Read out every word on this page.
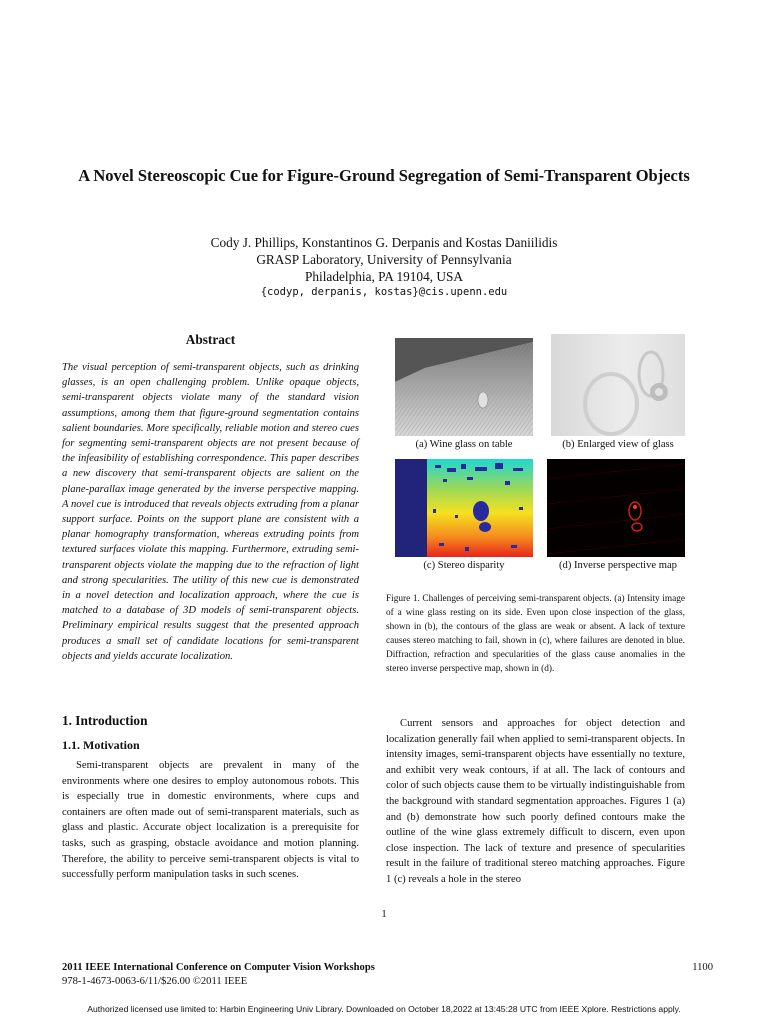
A Novel Stereoscopic Cue for Figure-Ground Segregation of Semi-Transparent Objects
Cody J. Phillips, Konstantinos G. Derpanis and Kostas Daniilidis
GRASP Laboratory, University of Pennsylvania
Philadelphia, PA 19104, USA
{codyp, derpanis, kostas}@cis.upenn.edu
Abstract
The visual perception of semi-transparent objects, such as drinking glasses, is an open challenging problem. Unlike opaque objects, semi-transparent objects violate many of the standard vision assumptions, among them that figure-ground segmentation contains salient boundaries. More specifically, reliable motion and stereo cues for segmenting semi-transparent objects are not present because of the infeasibility of establishing correspondence. This paper describes a new discovery that semi-transparent objects are salient on the plane-parallax image generated by the inverse perspective mapping. A novel cue is introduced that reveals objects extruding from a planar support surface. Points on the support plane are consistent with a planar homography transformation, whereas extruding points from textured surfaces violate this mapping. Furthermore, extruding semi-transparent objects violate the mapping due to the refraction of light and strong specularities. The utility of this new cue is demonstrated in a novel detection and localization approach, where the cue is matched to a database of 3D models of semi-transparent objects. Preliminary empirical results suggest that the presented approach produces a small set of candidate locations for semi-transparent objects and yields accurate localization.
(a) Wine glass on table	(b) Enlarged view of glass
(c) Stereo disparity	(d) Inverse perspective map
Figure 1. Challenges of perceiving semi-transparent objects. (a) Intensity image of a wine glass resting on its side. Even upon close inspection of the glass, shown in (b), the contours of the glass are weak or absent. A lack of texture causes stereo matching to fail, shown in (c), where failures are denoted in blue. Diffraction, refraction and specularities of the glass cause anomalies in the stereo inverse perspective map, shown in (d).
1. Introduction
1.1. Motivation
Semi-transparent objects are prevalent in many of the environments where one desires to employ autonomous robots. This is especially true in domestic environments, where cups and containers are often made out of semi-transparent materials, such as glass and plastic. Accurate object localization is a prerequisite for tasks, such as grasping, obstacle avoidance and motion planning. Therefore, the ability to perceive semi-transparent objects is vital to successfully perform manipulation tasks in such scenes.
Current sensors and approaches for object detection and localization generally fail when applied to semi-transparent objects. In intensity images, semi-transparent objects have essentially no texture, and exhibit very weak contours, if at all. The lack of contours and color of such objects cause them to be virtually indistinguishable from the background with standard segmentation approaches. Figures 1 (a) and (b) demonstrate how such poorly defined contours make the outline of the wine glass extremely difficult to discern, even upon close inspection. The lack of texture and presence of specularities result in the failure of traditional stereo matching approaches. Figure 1 (c) reveals a hole in the stereo
1
2011 IEEE International Conference on Computer Vision Workshops	1100
978-1-4673-0063-6/11/$26.00 ©2011 IEEE
Authorized licensed use limited to: Harbin Engineering Univ Library. Downloaded on October 18,2022 at 13:45:28 UTC from IEEE Xplore. Restrictions apply.
